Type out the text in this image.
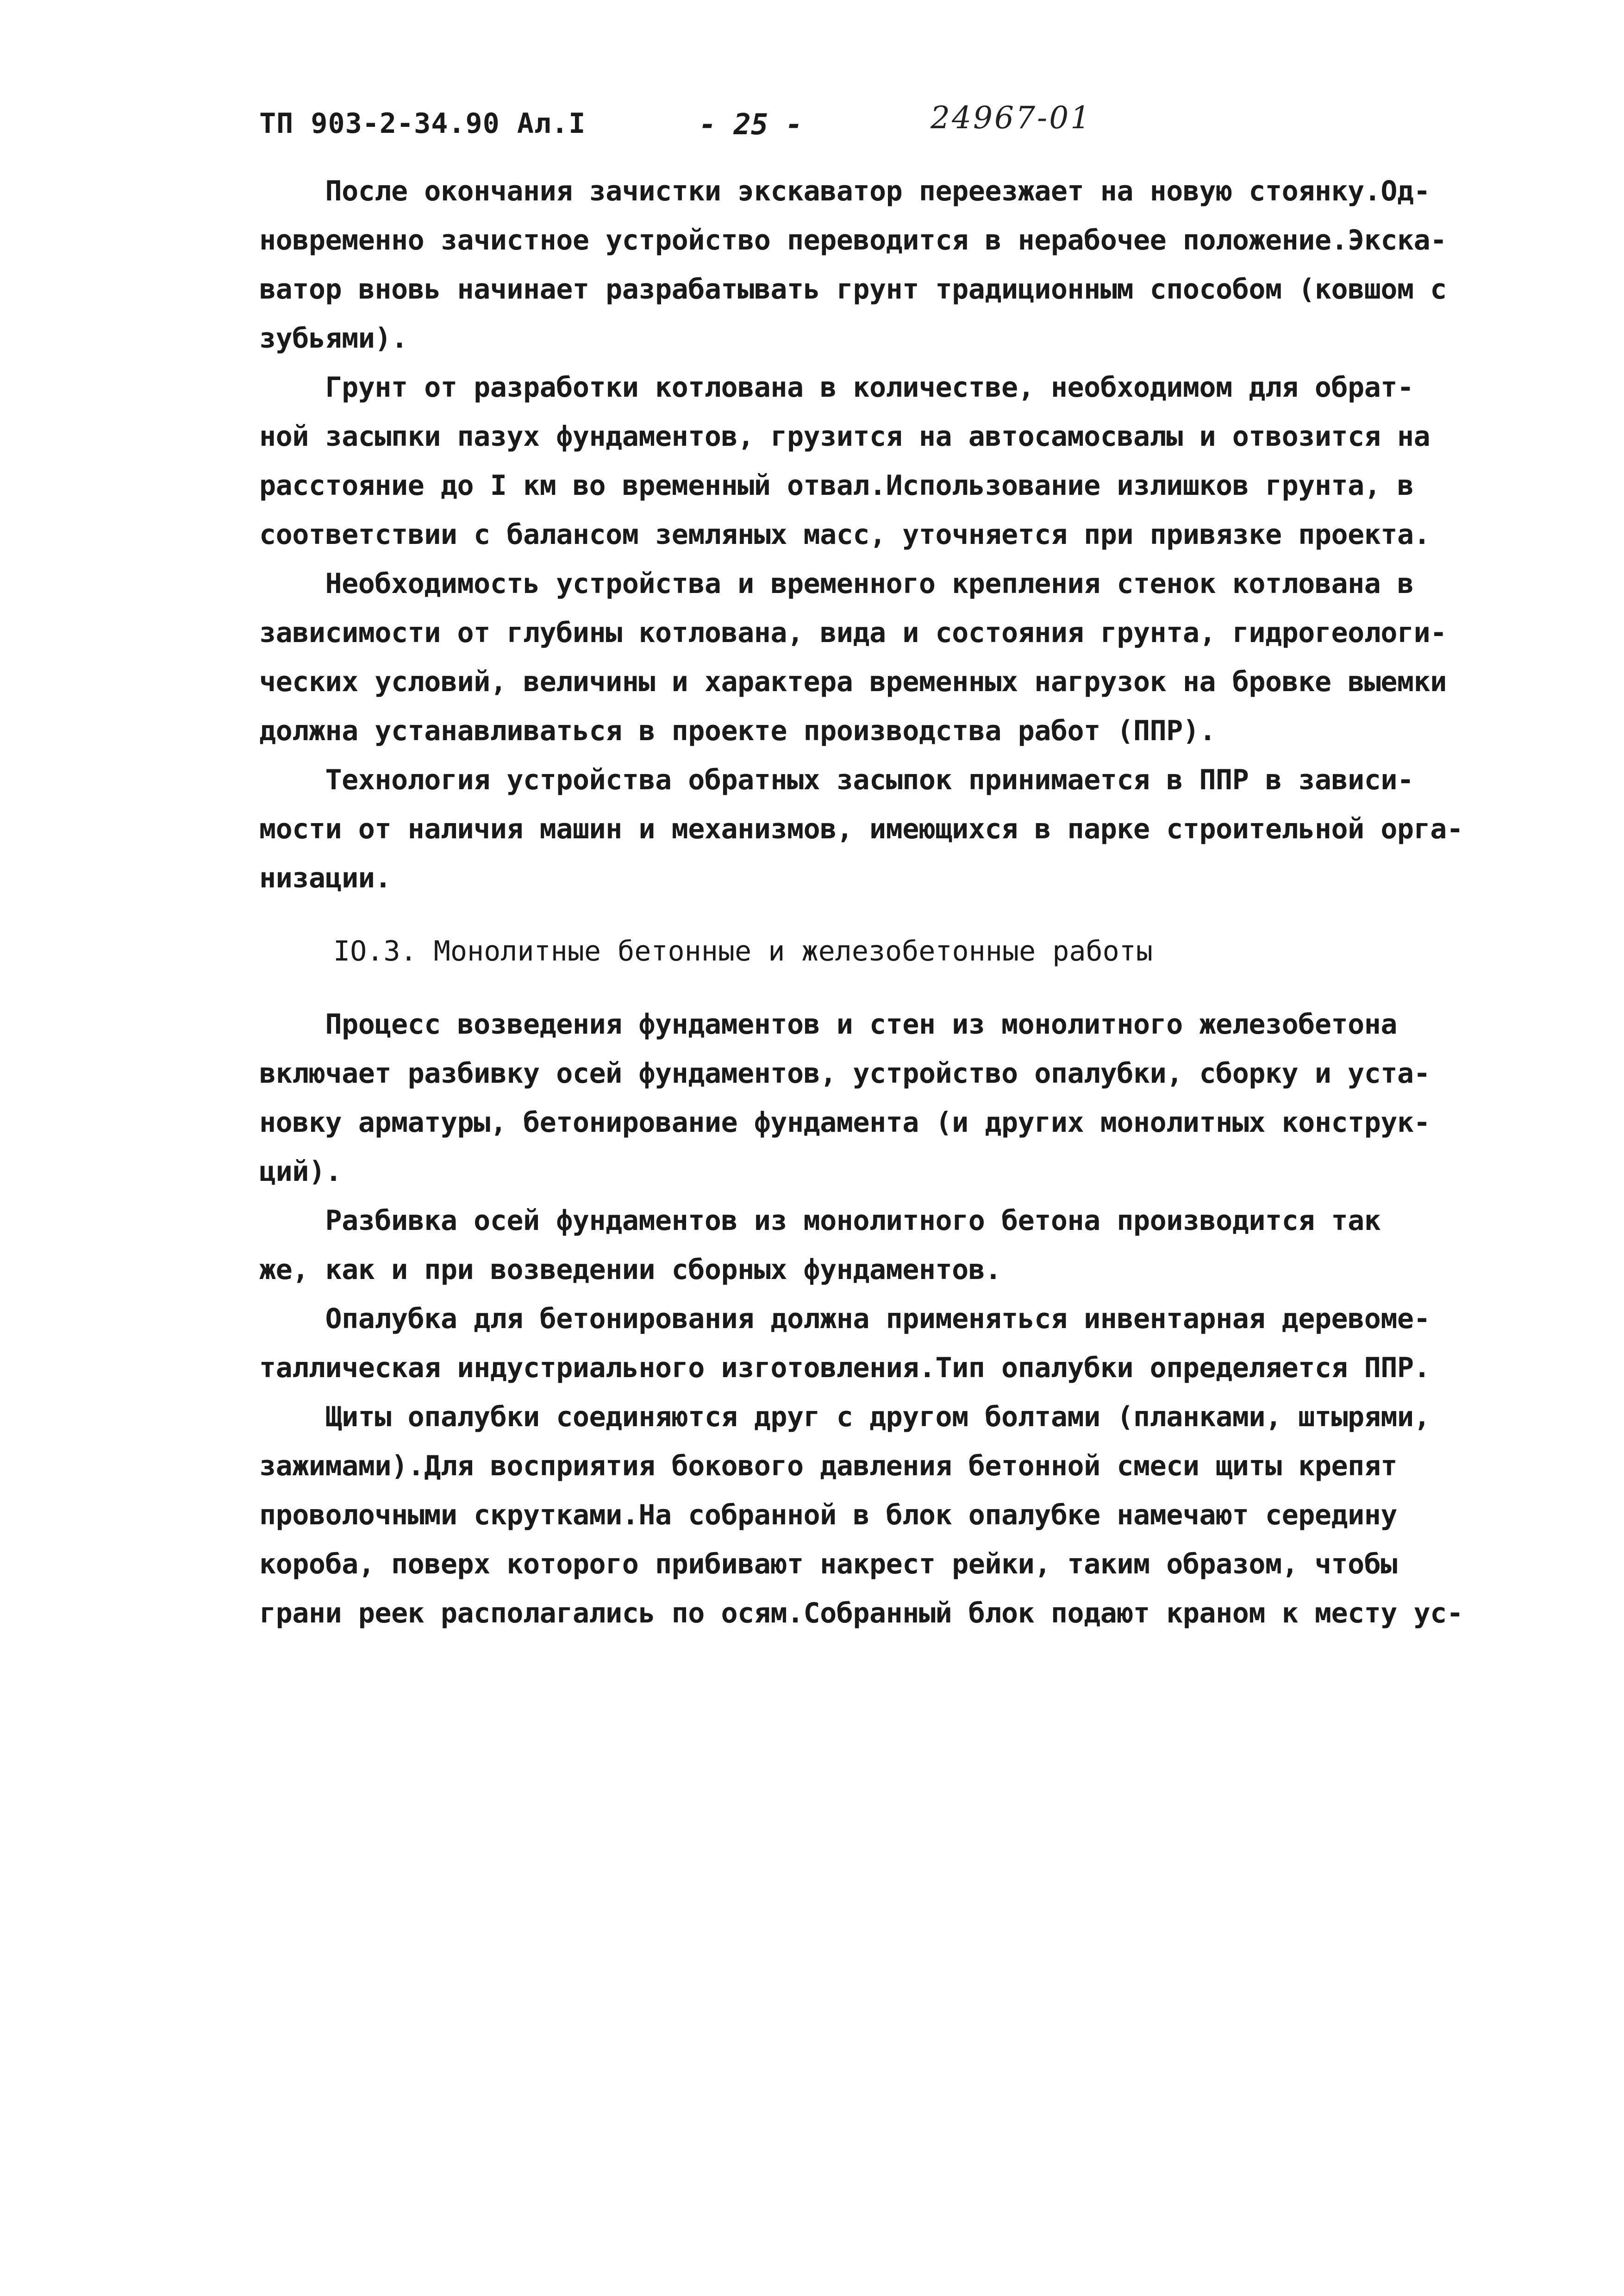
ТП 903-2-34.90 Ал.I	- 25 -	24967-01
После окончания зачистки экскаватор переезжает на новую стоянку.Од-
новременно зачистное устройство переводится в нерабочее положение.Экска-
ватор вновь начинает разрабатывать грунт традиционным способом (ковшом с
зубьями).
Грунт от разработки котлована в количестве, необходимом для обрат-
ной засыпки пазух фундаментов, грузится на автосамосвалы и отвозится на
расстояние до I км во временный отвал.Использование излишков грунта, в
соответствии с балансом земляных масс, уточняется при привязке проекта.
Необходимость устройства и временного крепления стенок котлована в
зависимости от глубины котлована, вида и состояния грунта, гидрогеологи-
ческих условий, величины и характера временных нагрузок на бровке выемки
должна устанавливаться в проекте производства работ (ППР).
Технология устройства обратных засыпок принимается в ППР в зависи-
мости от наличия машин и механизмов, имеющихся в парке строительной орга-
низации.
IO.3. Монолитные бетонные и железобетонные работы
Процесс возведения фундаментов и стен из монолитного железобетона
включает разбивку осей фундаментов, устройство опалубки, сборку и уста-
новку арматуры, бетонирование фундамента (и других монолитных конструк-
ций).
Разбивка осей фундаментов из монолитного бетона производится так
же, как и при возведении сборных фундаментов.
Опалубка для бетонирования должна применяться инвентарная деревоме-
таллическая индустриального изготовления.Тип опалубки определяется ППР.
Щиты опалубки соединяются друг с другом болтами (планками, штырями,
зажимами).Для восприятия бокового давления бетонной смеси щиты крепят
проволочными скрутками.На собранной в блок опалубке намечают середину
короба, поверх которого прибивают накрест рейки, таким образом, чтобы
грани реек располагались по осям.Собранный блок подают краном к месту ус-
